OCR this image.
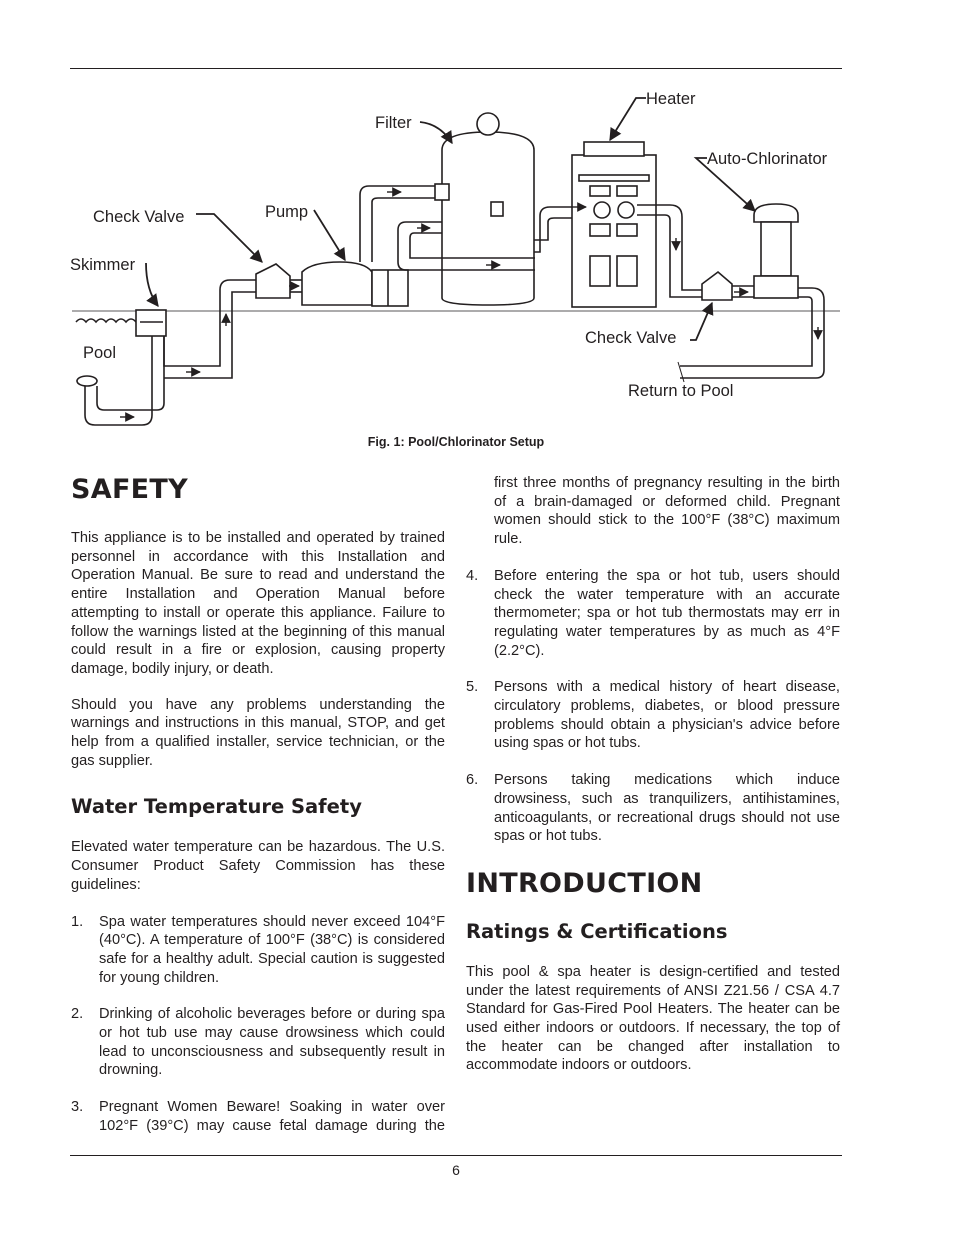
Heater
Filter
Auto-Chlorinator
Check Valve	Pump
Skimmer
Pool
Check Valve
Return to Pool
Fig. 1: Pool/Chlorinator Setup
SAFETY

This appliance is to be installed and operated by trained personnel in accordance with this Installation and Operation Manual. Be sure to read and understand the entire Installation and Operation Manual before attempting to install or operate this appliance. Failure to follow the warnings listed at the beginning of this manual could result in a fire or explosion, causing property damage, bodily injury, or death.

Should you have any problems understanding the warnings and instructions in this manual, STOP, and get help from a qualified installer, service technician, or the gas supplier.

Water Temperature Safety

Elevated water temperature can be hazardous. The U.S. Consumer Product Safety Commission has these guidelines:

1. Spa water temperatures should never exceed 104°F (40°C). A temperature of 100°F (38°C) is considered safe for a healthy adult. Special caution is suggested for young children.
2. Drinking of alcoholic beverages before or during spa or hot tub use may cause drowsiness which could lead to unconsciousness and subsequently result in drowning.
3. Pregnant Women Beware! Soaking in water over 102°F (39°C) may cause fetal damage during the
first three months of pregnancy resulting in the birth of a brain-damaged or deformed child. Pregnant women should stick to the 100°F (38°C) maximum rule.
4. Before entering the spa or hot tub, users should check the water temperature with an accurate thermometer; spa or hot tub thermostats may err in regulating water temperatures by as much as 4°F (2.2°C).
5. Persons with a medical history of heart disease, circulatory problems, diabetes, or blood pressure problems should obtain a physician's advice before using spas or hot tubs.
6. Persons taking medications which induce drowsiness, such as tranquilizers, antihistamines, anticoagulants, or recreational drugs should not use spas or hot tubs.
INTRODUCTION
Ratings & Certifications

This pool & spa heater is design-certified and tested under the latest requirements of ANSI Z21.56 / CSA 4.7 Standard for Gas-Fired Pool Heaters. The heater can be used either indoors or outdoors. If necessary, the top of the heater can be changed after installation to accommodate indoors or outdoors.

6
